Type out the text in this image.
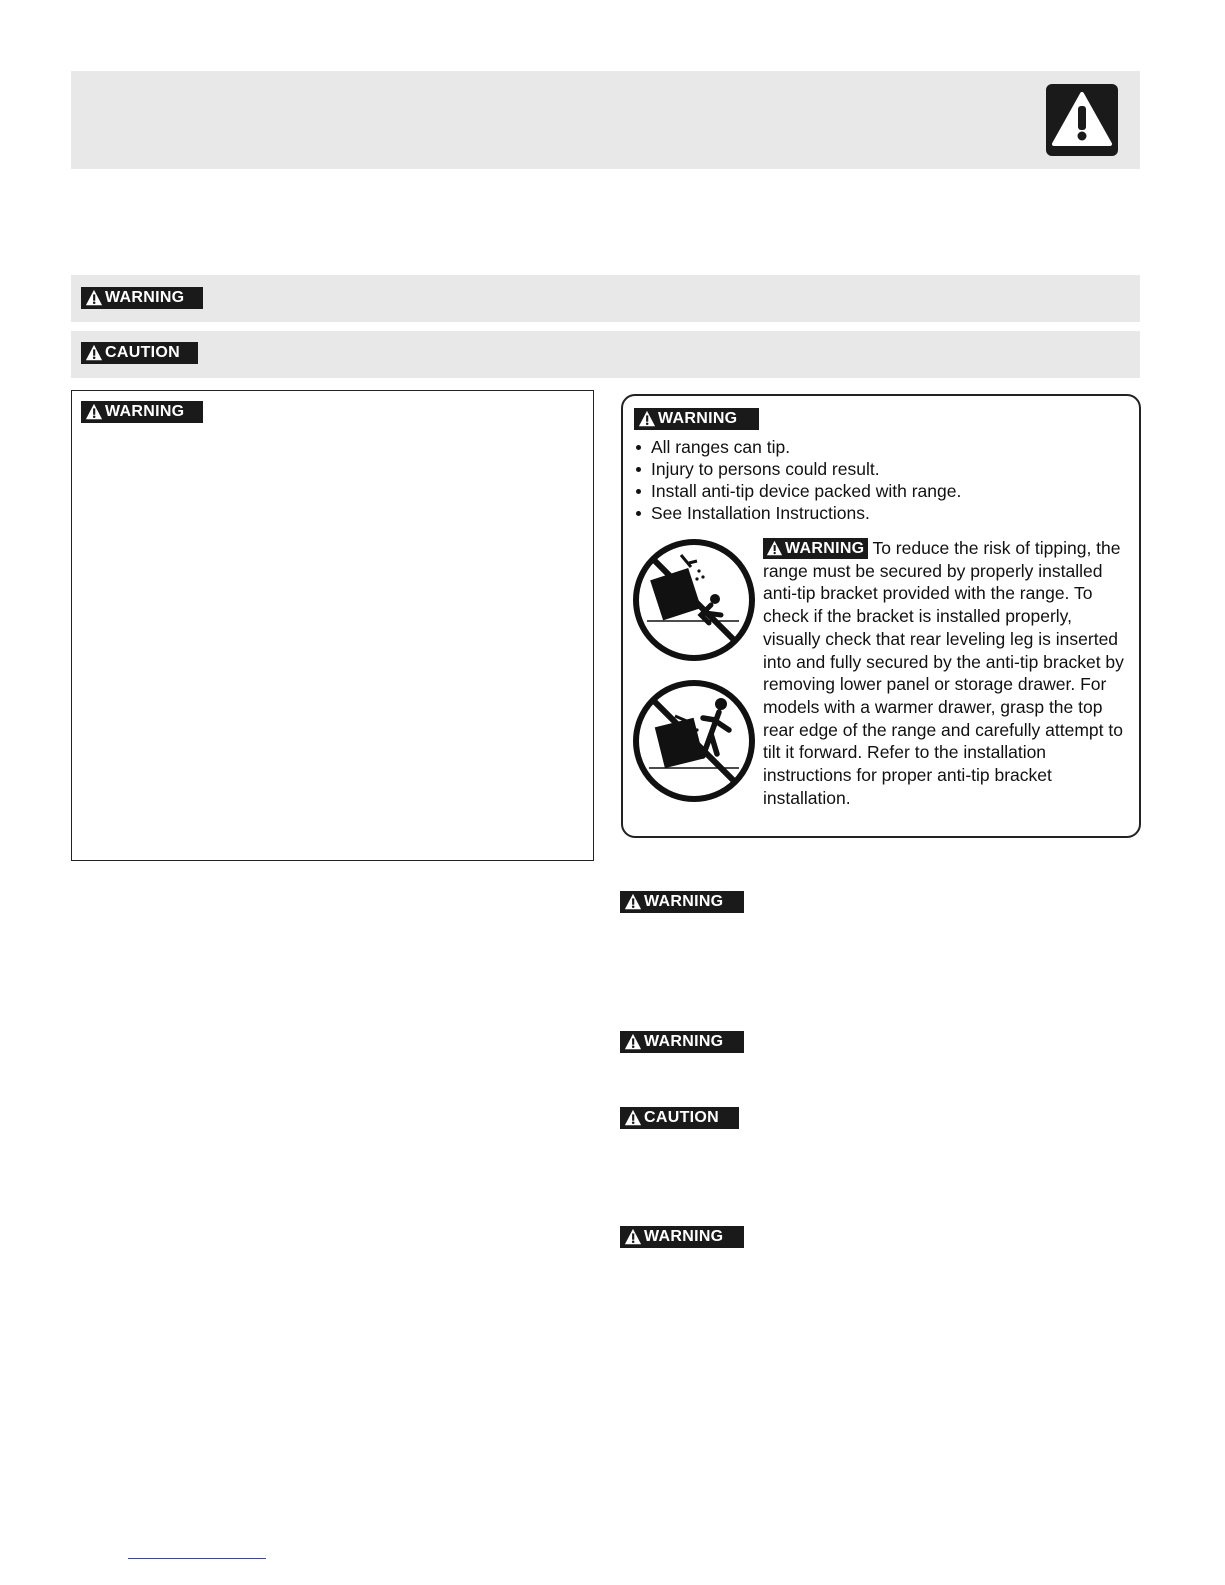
WARNING
CAUTION
WARNING	WARNING
All ranges can tip.
Injury to persons could result.
Install anti-tip device packed with range.
See Installation Instructions.

WARNING To reduce the risk of tipping, the range must be secured by properly installed anti-tip bracket provided with the range. To check if the bracket is installed properly, visually check that rear leveling leg is inserted into and fully secured by the anti-tip bracket by removing lower panel or storage drawer. For models with a warmer drawer, grasp the top rear edge of the range and carefully attempt to tilt it forward. Refer to the installation instructions for proper anti-tip bracket installation.

WARNING
WARNING
CAUTION
WARNING
